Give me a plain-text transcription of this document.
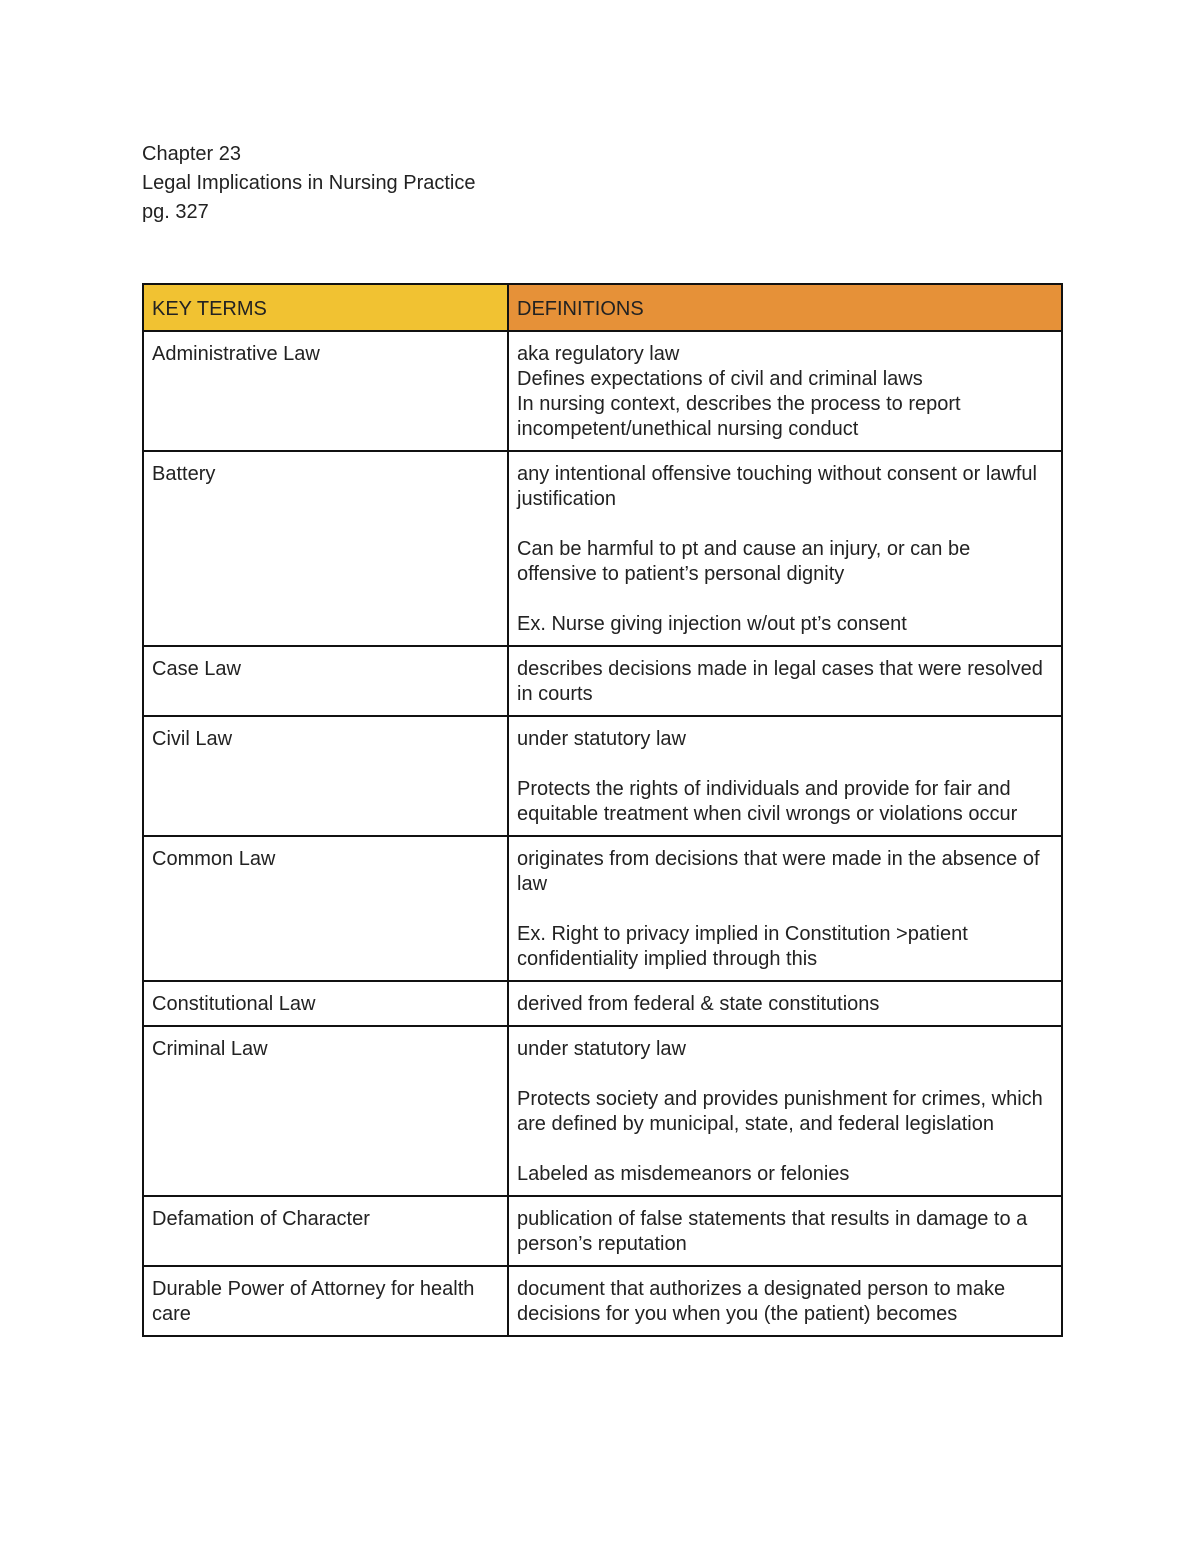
Chapter 23
Legal Implications in Nursing Practice
pg. 327
KEY TERMS	DEFINITIONS
Administrative Law	aka regulatory law
Defines expectations of civil and criminal laws
In nursing context, describes the process to report incompetent/unethical nursing conduct

Battery	any intentional offensive touching without consent or lawful justification

Can be harmful to pt and cause an injury, or can be offensive to patient’s personal dignity

Ex. Nurse giving injection w/out pt’s consent

Case Law	describes decisions made in legal cases that were resolved in courts

Civil Law	under statutory law

Protects the rights of individuals and provide for fair and equitable treatment when civil wrongs or violations occur

Common Law	originates from decisions that were made in the absence of law

Ex. Right to privacy implied in Constitution >patient confidentiality implied through this

Constitutional Law	derived from federal & state constitutions

Criminal Law	under statutory law

Protects society and provides punishment for crimes, which are defined by municipal, state, and federal legislation

Labeled as misdemeanors or felonies

Defamation of Character	publication of false statements that results in damage to a person’s reputation

Durable Power of Attorney for health care	document that authorizes a designated person to make decisions for you when you (the patient) becomes
